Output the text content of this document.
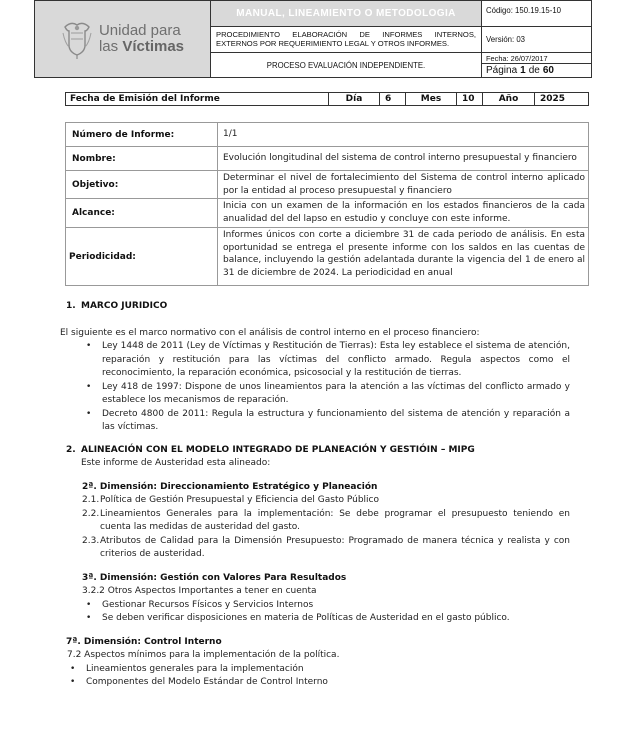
Unidad para
las Víctimas
MANUAL, LINEAMIENTO O METODOLOGIA
PROCEDIMIENTO ELABORACIÓN DE INFORMES INTERNOS,
EXTERNOS POR REQUERIMIENTO LEGAL Y OTROS INFORMES.
PROCESO EVALUACIÓN INDEPENDIENTE.
Código: 150.19.15-10
Versión: 03
Fecha: 26/07/2017
Página 1 de 60
Fecha de Emisión del Informe	Día	6	Mes	10	Año	2025
Número de Informe:	1/1
Nombre:	Evolución longitudinal del sistema de control interno presupuestal y financiero
Objetivo:
Determinar el nivel de fortalecimiento del Sistema de control interno aplicado por la entidad al proceso presupuestal y financiero
Alcance:
Inicia con un examen de la información en los estados financieros de la cada anualidad del del lapso en estudio y concluye con este informe.
Periodicidad:
Informes únicos con corte a diciembre 31 de cada periodo de análisis. En esta oportunidad se entrega el presente informe con los saldos en las cuentas de balance, incluyendo la gestión adelantada durante la vigencia del 1 de enero al 31 de diciembre de 2024. La periodicidad en anual
1. MARCO JURIDICO

El siguiente es el marco normativo con el análisis de control interno en el proceso financiero:

• Ley 1448 de 2011 (Ley de Víctimas y Restitución de Tierras): Esta ley establece el sistema de atención, reparación y restitución para las víctimas del conflicto armado. Regula aspectos como el reconocimiento, la reparación económica, psicosocial y la restitución de tierras.
• Ley 418 de 1997: Dispone de unos lineamientos para la atención a las víctimas del conflicto armado y establece los mecanismos de reparación.
• Decreto 4800 de 2011: Regula la estructura y funcionamiento del sistema de atención y reparación a las víctimas.
2. ALINEACIÓN CON EL MODELO INTEGRADO DE PLANEACIÓN Y GESTIÓIN – MIPG

Este informe de Austeridad esta alineado:

2ª. Dimensión: Direccionamiento Estratégico y Planeación
2.1. Política de Gestión Presupuestal y Eficiencia del Gasto Público
2.2. Lineamientos Generales para la implementación: Se debe programar el presupuesto teniendo en cuenta las medidas de austeridad del gasto.
2.3. Atributos de Calidad para la Dimensión Presupuesto: Programado de manera técnica y realista y con criterios de austeridad.
3ª. Dimensión: Gestión con Valores Para Resultados
3.2.2 Otros Aspectos Importantes a tener en cuenta
• Gestionar Recursos Físicos y Servicios Internos
• Se deben verificar disposiciones en materia de Políticas de Austeridad en el gasto público.
7ª. Dimensión: Control Interno
7.2 Aspectos mínimos para la implementación de la política.
• Lineamientos generales para la implementación
• Componentes del Modelo Estándar de Control Interno
